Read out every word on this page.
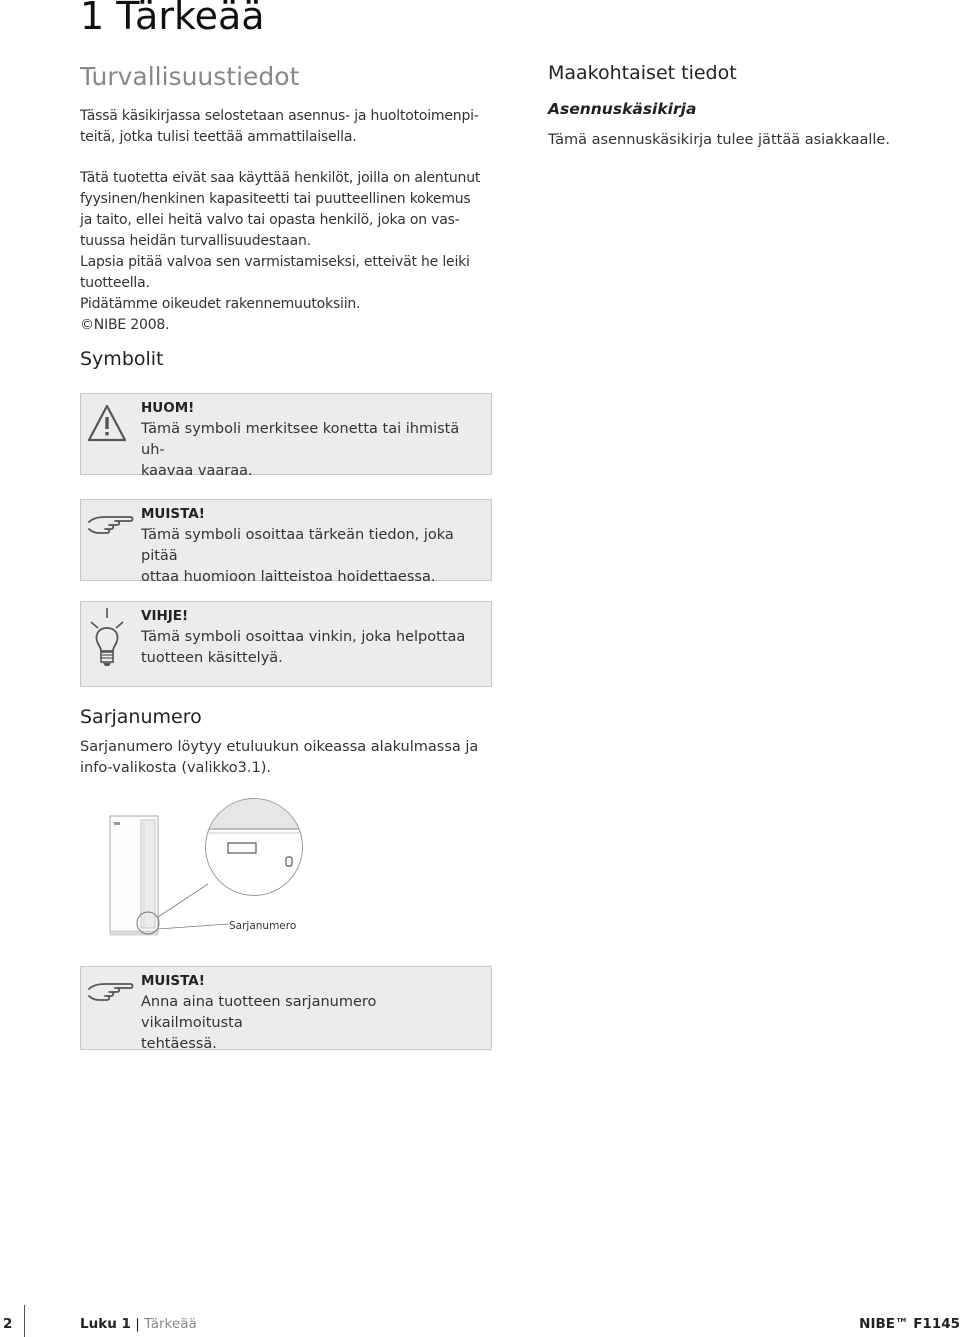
1 Tärkeää
Turvallisuustiedot

Tässä käsikirjassa selostetaan asennus- ja huoltotoimenpi-
teitä, jotka tulisi teettää ammattilaisella.

Tätä tuotetta eivät saa käyttää henkilöt, joilla on alentunut
fyysinen/henkinen kapasiteetti tai puutteellinen kokemus
ja taito, ellei heitä valvo tai opasta henkilö, joka on vas-
tuussa heidän turvallisuudestaan.

Lapsia pitää valvoa sen varmistamiseksi, etteivät he leiki
tuotteella.

Pidätämme oikeudet rakennemuutoksiin.

©NIBE 2008.

Symbolit

HUOM!

Tämä symboli merkitsee konetta tai ihmistä uh-
kaavaa vaaraa.

MUISTA!

Tämä symboli osoittaa tärkeän tiedon, joka pitää
ottaa huomioon laitteistoa hoidettaessa.

VIHJE!

Tämä symboli osoittaa vinkin, joka helpottaa
tuotteen käsittelyä.

Sarjanumero

Sarjanumero löytyy etuluukun oikeassa alakulmassa ja
info-valikosta (valikko3.1).

Sarjanumero

MUISTA!

Anna aina tuotteen sarjanumero vikailmoitusta
tehtäessä.

Maakohtaiset tiedot
Asennuskäsikirja

Tämä asennuskäsikirja tulee jättää asiakkaalle.

2	Luku 1 | Tärkeää	NIBE™ F1145
